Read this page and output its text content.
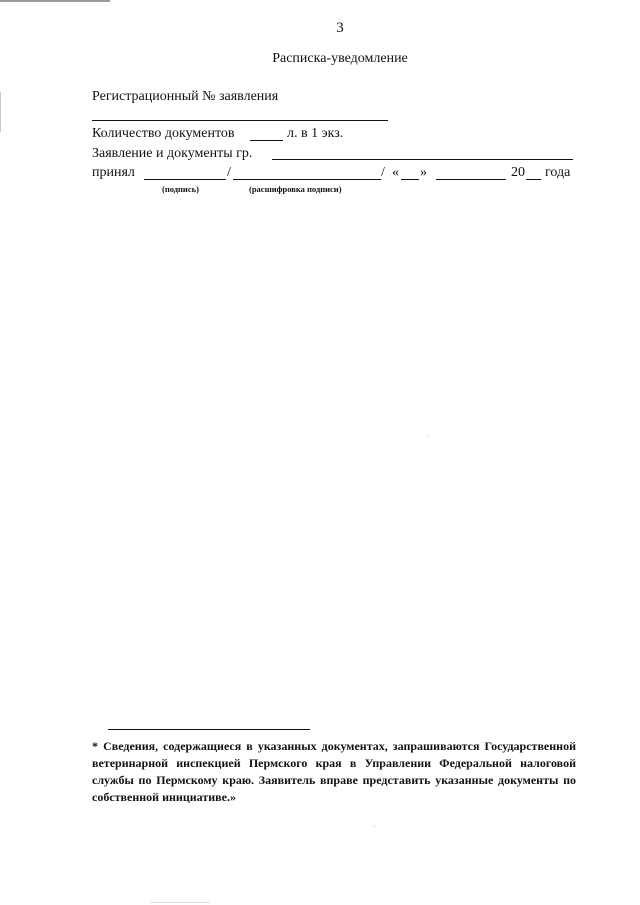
3
Расписка-уведомление
Регистрационный № заявления
Количество документов	л. в 1 экз.
Заявление и документы гр.
принял	/	/ « »	20 года
(подпись)	(расшифровка подписи)
* Сведения, содержащиеся в указанных документах, запрашиваются Государственной ветеринарной инспекцией Пермского края в Управлении Федеральной налоговой службы по Пермскому краю. Заявитель вправе представить указанные документы по собственной инициативе.»
